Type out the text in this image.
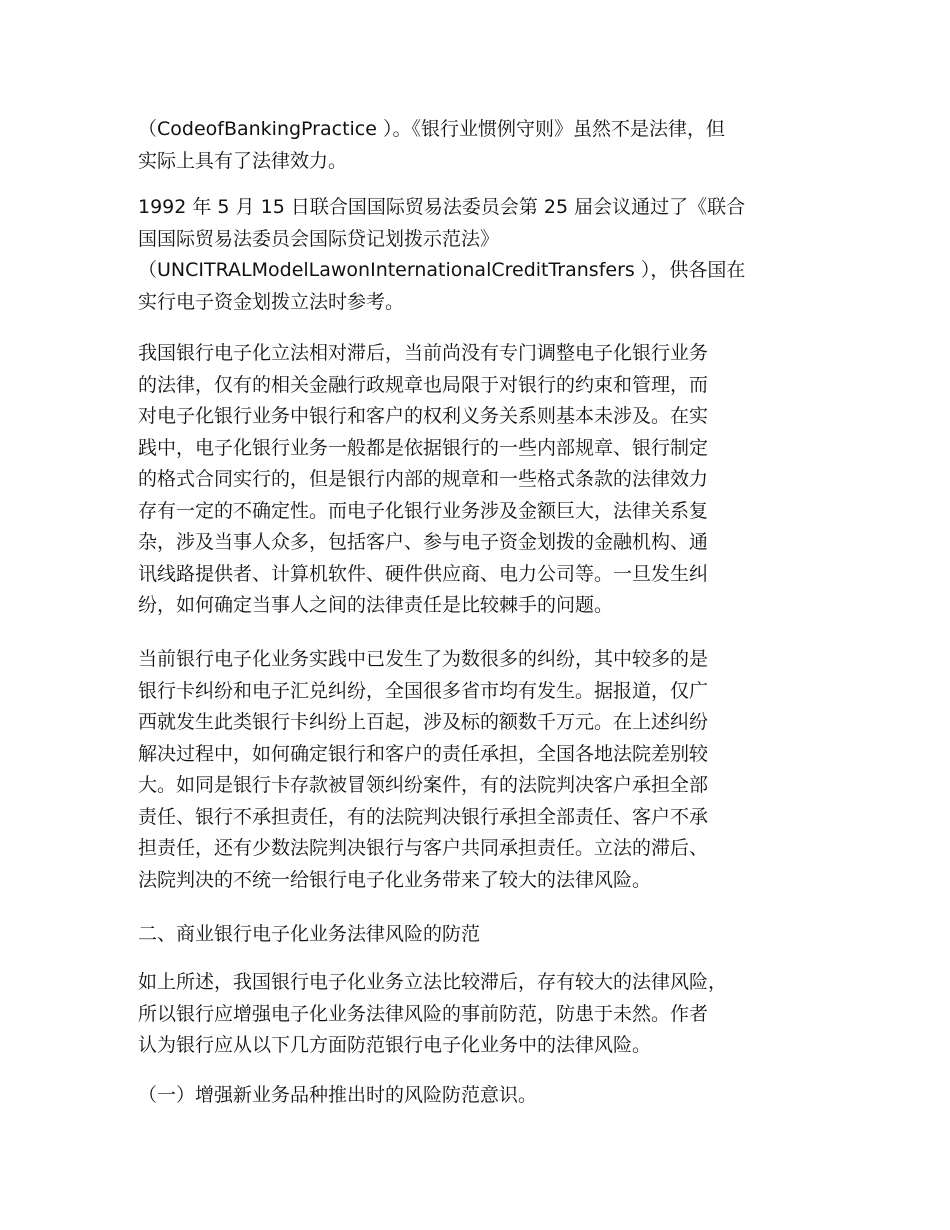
（CodeofBankingPractice ）。《银行业惯例守则》虽然不是法律，但
实际上具有了法律效力。

1992 年 5 月 15 日联合国国际贸易法委员会第 25 届会议通过了《联合
国国际贸易法委员会国际贷记划拨示范法》
（UNCITRALModelLawonInternationalCreditTransfers ），供各国在
实行电子资金划拨立法时参考。

我国银行电子化立法相对滞后，当前尚没有专门调整电子化银行业务
的法律，仅有的相关金融行政规章也局限于对银行的约束和管理，而
对电子化银行业务中银行和客户的权利义务关系则基本未涉及。在实
践中，电子化银行业务一般都是依据银行的一些内部规章、银行制定
的格式合同实行的，但是银行内部的规章和一些格式条款的法律效力
存有一定的不确定性。而电子化银行业务涉及金额巨大，法律关系复
杂，涉及当事人众多，包括客户、参与电子资金划拨的金融机构、通
讯线路提供者、计算机软件、硬件供应商、电力公司等。一旦发生纠
纷，如何确定当事人之间的法律责任是比较棘手的问题。

当前银行电子化业务实践中已发生了为数很多的纠纷，其中较多的是
银行卡纠纷和电子汇兑纠纷，全国很多省市均有发生。据报道，仅广
西就发生此类银行卡纠纷上百起，涉及标的额数千万元。在上述纠纷
解决过程中，如何确定银行和客户的责任承担，全国各地法院差别较
大。如同是银行卡存款被冒领纠纷案件，有的法院判决客户承担全部
责任、银行不承担责任，有的法院判决银行承担全部责任、客户不承
担责任，还有少数法院判决银行与客户共同承担责任。立法的滞后、
法院判决的不统一给银行电子化业务带来了较大的法律风险。

二、商业银行电子化业务法律风险的防范

如上所述，我国银行电子化业务立法比较滞后，存有较大的法律风险，
所以银行应增强电子化业务法律风险的事前防范，防患于未然。作者
认为银行应从以下几方面防范银行电子化业务中的法律风险。

（一）增强新业务品种推出时的风险防范意识。
